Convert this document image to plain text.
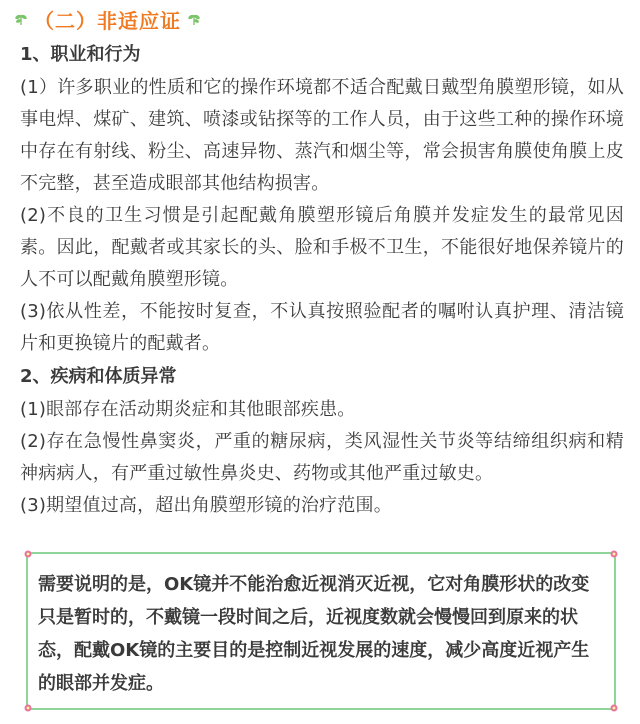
（二）非适应证
1、职业和行为

(1）许多职业的性质和它的操作环境都不适合配戴日戴型角膜塑形镜，如从事电焊、煤矿、建筑、喷漆或钻探等的工作人员，由于这些工种的操作环境中存在有射线、粉尘、高速异物、蒸汽和烟尘等，常会损害角膜使角膜上皮不完整，甚至造成眼部其他结构损害。

(2)不良的卫生习惯是引起配戴角膜塑形镜后角膜并发症发生的最常见因素。因此，配戴者或其家长的头、脸和手极不卫生，不能很好地保养镜片的人不可以配戴角膜塑形镜。

(3)依从性差，不能按时复查，不认真按照验配者的嘱咐认真护理、清洁镜片和更换镜片的配戴者。

2、疾病和体质异常

(1)眼部存在活动期炎症和其他眼部疾患。

(2)存在急慢性鼻窦炎，严重的糖尿病，类风湿性关节炎等结缔组织病和精神病病人，有严重过敏性鼻炎史、药物或其他严重过敏史。

(3)期望值过高，超出角膜塑形镜的治疗范围。

需要说明的是，OK镜并不能治愈近视消灭近视，它对角膜形状的改变只是暂时的，不戴镜一段时间之后，近视度数就会慢慢回到原来的状态，配戴OK镜的主要目的是控制近视发展的速度，减少高度近视产生的眼部并发症。
